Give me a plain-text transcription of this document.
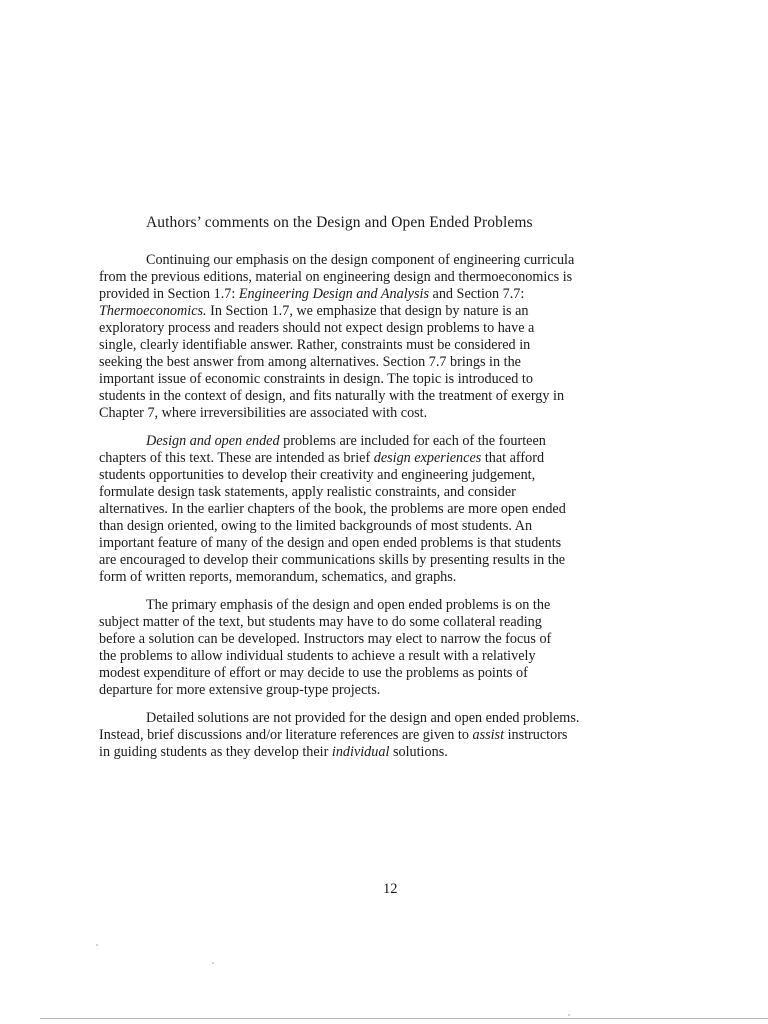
Authors’ comments on the Design and Open Ended Problems
Continuing our emphasis on the design component of engineering curricula
from the previous editions, material on engineering design and thermoeconomics is
provided in Section 1.7: Engineering Design and Analysis and Section 7.7:
Thermoeconomics. In Section 1.7, we emphasize that design by nature is an
exploratory process and readers should not expect design problems to have a
single, clearly identifiable answer. Rather, constraints must be considered in
seeking the best answer from among alternatives. Section 7.7 brings in the
important issue of economic constraints in design. The topic is introduced to
students in the context of design, and fits naturally with the treatment of exergy in
Chapter 7, where irreversibilities are associated with cost.
Design and open ended problems are included for each of the fourteen
chapters of this text. These are intended as brief design experiences that afford
students opportunities to develop their creativity and engineering judgement,
formulate design task statements, apply realistic constraints, and consider
alternatives. In the earlier chapters of the book, the problems are more open ended
than design oriented, owing to the limited backgrounds of most students. An
important feature of many of the design and open ended problems is that students
are encouraged to develop their communications skills by presenting results in the
form of written reports, memorandum, schematics, and graphs.
The primary emphasis of the design and open ended problems is on the
subject matter of the text, but students may have to do some collateral reading
before a solution can be developed. Instructors may elect to narrow the focus of
the problems to allow individual students to achieve a result with a relatively
modest expenditure of effort or may decide to use the problems as points of
departure for more extensive group-type projects.
Detailed solutions are not provided for the design and open ended problems.
Instead, brief discussions and/or literature references are given to assist instructors
in guiding students as they develop their individual solutions.
12
